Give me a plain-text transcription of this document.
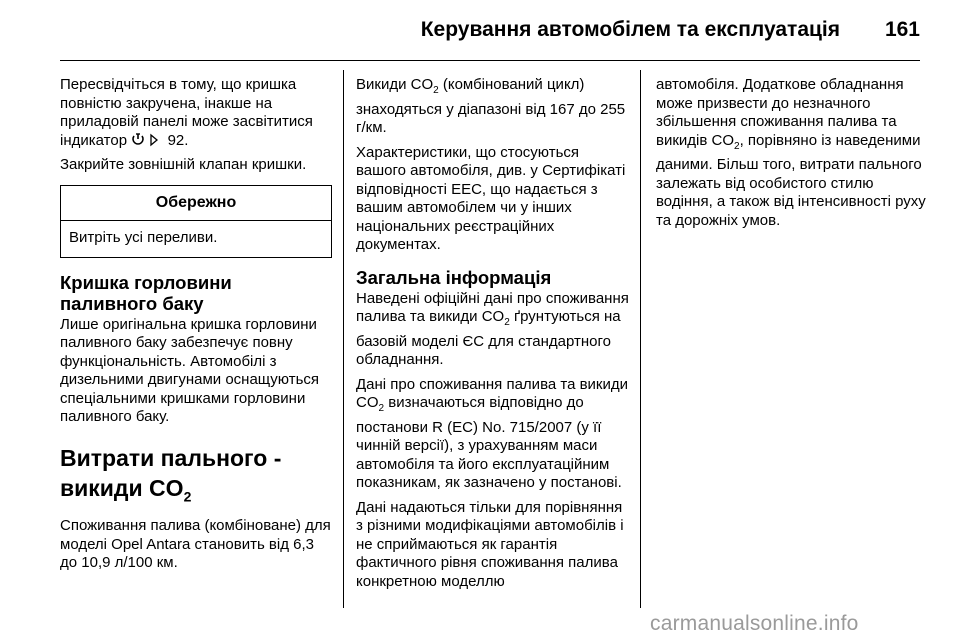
Керування автомобілем та експлуатація	161

Пересвідчіться в тому, що кришка повністю закручена, інакше на приладовій панелі може засвітитися індикатор	92.

Закрийте зовнішній клапан кришки.

Обережно
Витріть усі переливи.
Кришка горловини паливного баку

Лише оригінальна кришка горловини паливного баку забезпечує повну функціональність. Автомобілі з дизельними двигунами оснащуються спеціальними кришками горловини паливного баку.

Витрати пального - викиди $CO_2$

Споживання палива (комбіноване) для моделі Opel Antara становить від 6,3 до 10,9 л/100 км.

Викиди $CO_2$ (комбінований цикл) знаходяться у діапазоні від 167 до 255 г/км.

Характеристики, що стосуються вашого автомобіля, див. у Сертифікаті відповідності ЕЕС, що надається з вашим автомобілем чи у інших національних реєстраційних документах.

Загальна інформація

Наведені офіційні дані про споживання палива та викиди $CO_2$ ґрунтуються на базовій моделі ЄС для стандартного обладнання.

Дані про споживання палива та викиди $CO_2$ визначаються відповідно до постанови R (EC) No. 715/2007 (у її чинній версії), з урахуванням маси автомобіля та його експлуатаційним показникам, як зазначено у постанові.

Дані надаються тільки для порівняння з різними модифікаціями автомобілів і не сприймаються як гарантія фактичного рівня споживання палива конкретною моделлю

автомобіля. Додаткове обладнання може призвести до незначного збільшення споживання палива та викидів $CO_2$, порівняно із наведеними даними. Більш того, витрати пального залежать від особистого стилю водіння, а також від інтенсивності руху та дорожніх умов.

carmanualsonline.info
